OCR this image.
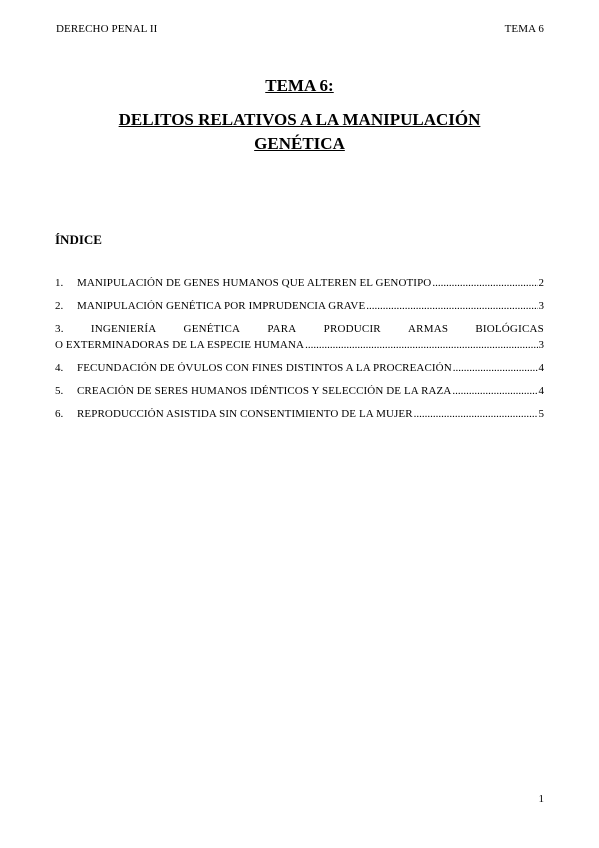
DERECHO PENAL II	TEMA 6
TEMA 6:
DELITOS RELATIVOS A LA MANIPULACIÓN
GENÉTICA
ÍNDICE
1.	MANIPULACIÓN DE GENES HUMANOS QUE ALTEREN EL GENOTIPO .....	2
2.	MANIPULACIÓN GENÉTICA POR IMPRUDENCIA GRAVE .....	3
3. INGENIERÍA GENÉTICA PARA PRODUCIR ARMAS BIOLÓGICAS
O EXTERMINADORAS DE LA ESPECIE HUMANA .....	3
4.	FECUNDACIÓN DE ÓVULOS CON FINES DISTINTOS A LA PROCREACIÓN .....	4
5.	CREACIÓN DE SERES HUMANOS IDÉNTICOS Y SELECCIÓN DE LA RAZA .....	4
6.	REPRODUCCIÓN ASISTIDA SIN CONSENTIMIENTO DE LA MUJER .....	5
1
